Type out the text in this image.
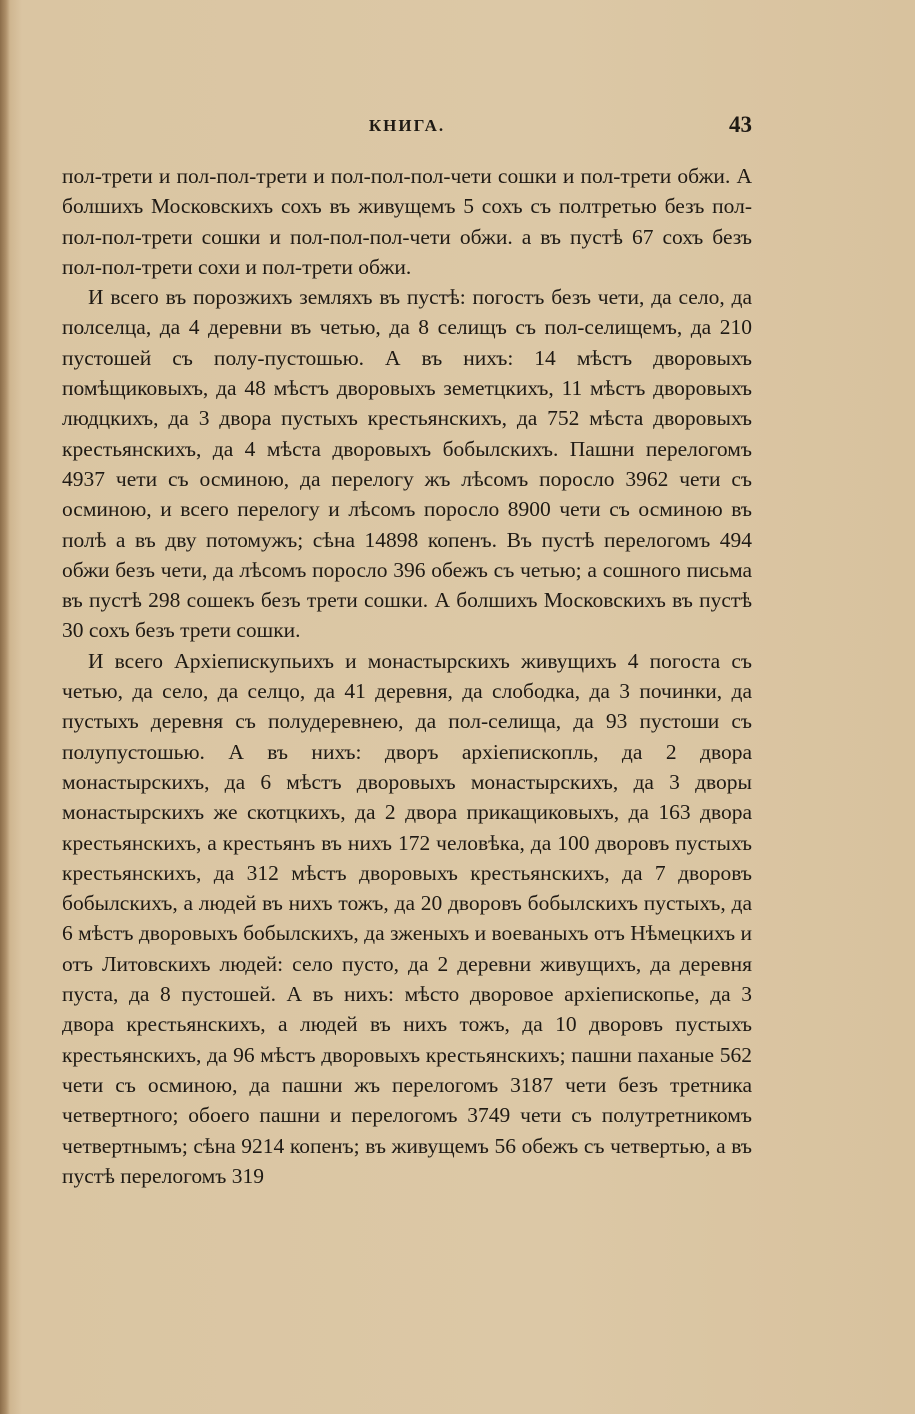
КНИГА.	43

пол-трети и пол-пол-трети и пол-пол-пол-чети сошки и пол-трети обжи. А болшихъ Московскихъ сохъ въ живущемъ 5 сохъ съ полтретью безъ пол-пол-пол-трети сошки и пол-пол-пол-чети обжи. а въ пустѣ 67 сохъ безъ пол-пол-трети сохи и пол-трети обжи.

И всего въ порозжихъ земляхъ въ пустѣ: погостъ безъ чети, да село, да полселца, да 4 деревни въ четью, да 8 селищъ съ пол-селищемъ, да 210 пустошей съ полу-пустошью. А въ нихъ: 14 мѣстъ дворовыхъ помѣщиковыхъ, да 48 мѣстъ дворовыхъ земетцкихъ, 11 мѣстъ дворовыхъ людцкихъ, да 3 двора пустыхъ крестьянскихъ, да 752 мѣста дворовыхъ крестьянскихъ, да 4 мѣста дворовыхъ бобылскихъ. Пашни перелогомъ 4937 чети съ осминою, да перелогу жъ лѣсомъ поросло 3962 чети съ осминою, и всего перелогу и лѣсомъ поросло 8900 чети съ осминою въ полѣ а въ дву потомужъ; сѣна 14898 копенъ. Въ пустѣ перелогомъ 494 обжи безъ чети, да лѣсомъ поросло 396 обежъ съ четью; а сошного письма въ пустѣ 298 сошекъ безъ трети сошки. А болшихъ Московскихъ въ пустѣ 30 сохъ безъ трети сошки.

И всего Архіепискупьихъ и монастырскихъ живущихъ 4 погоста съ четью, да село, да селцо, да 41 деревня, да слободка, да 3 починки, да пустыхъ деревня съ полудеревнею, да пол-селища, да 93 пустоши съ полупустошью. А въ нихъ: дворъ архіепископль, да 2 двора монастырскихъ, да 6 мѣстъ дворовыхъ монастырскихъ, да 3 дворы монастырскихъ же скотцкихъ, да 2 двора прикащиковыхъ, да 163 двора крестьянскихъ, а крестьянъ въ нихъ 172 человѣка, да 100 дворовъ пустыхъ крестьянскихъ, да 312 мѣстъ дворовыхъ крестьянскихъ, да 7 дворовъ бобылскихъ, а людей въ нихъ тожъ, да 20 дворовъ бобылскихъ пустыхъ, да 6 мѣстъ дворовыхъ бобылскихъ, да зженыхъ и воеваныхъ отъ Нѣмецкихъ и отъ Литовскихъ людей: село пусто, да 2 деревни живущихъ, да деревня пуста, да 8 пустошей. А въ нихъ: мѣсто дворовое архіепископье, да 3 двора крестьянскихъ, а людей въ нихъ тожъ, да 10 дворовъ пустыхъ крестьянскихъ, да 96 мѣстъ дворовыхъ крестьянскихъ; пашни паханые 562 чети съ осминою, да пашни жъ перелогомъ 3187 чети безъ третника четвертного; обоего пашни и перелогомъ 3749 чети съ полутретникомъ четвертнымъ; сѣна 9214 копенъ; въ живущемъ 56 обежъ съ четвертью, а въ пустѣ перелогомъ 319
